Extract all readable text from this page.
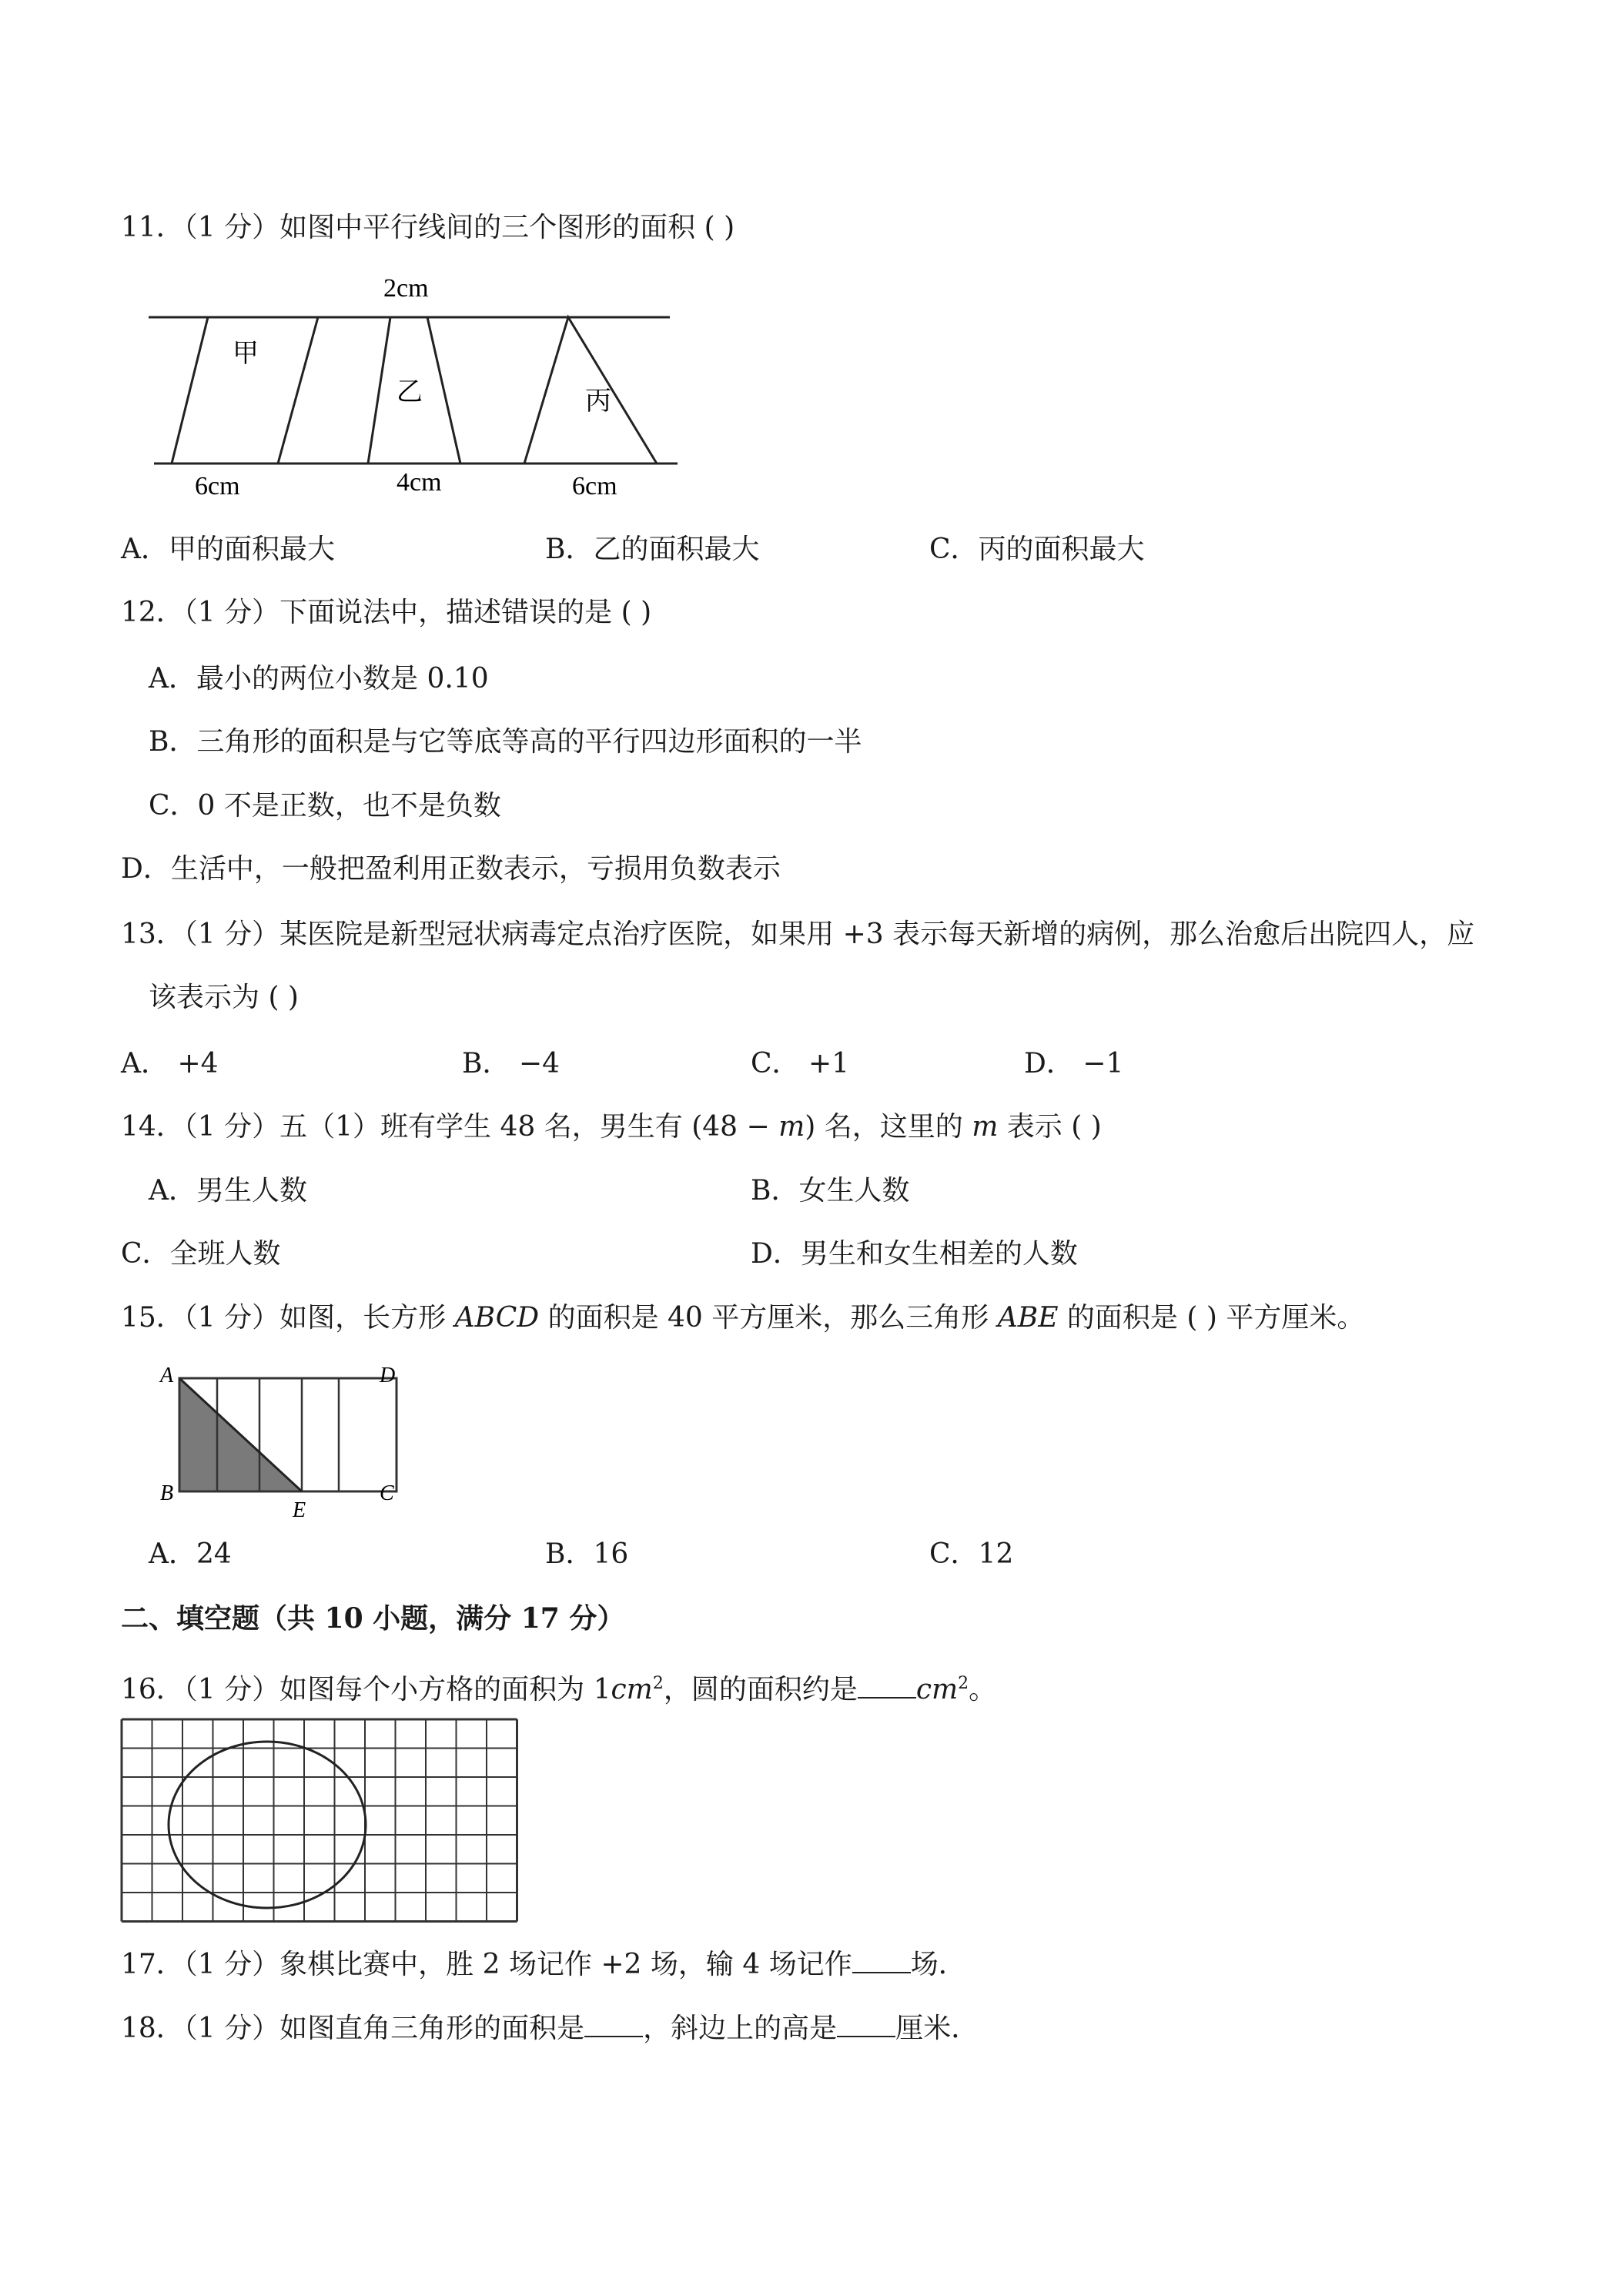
11．（1 分）如图中平行线间的三个图形的面积 ( )
2cm
甲
乙	丙
6cm	4cm	6cm
A．甲的面积最大	B．乙的面积最大	C．丙的面积最大
12．（1 分）下面说法中，描述错误的是 ( )
A．最小的两位小数是 0.10
B．三角形的面积是与它等底等高的平行四边形面积的一半
C．0 不是正数，也不是负数
D．生活中，一般把盈利用正数表示，亏损用负数表示
13．（1 分）某医院是新型冠状病毒定点治疗医院，如果用 +3 表示每天新增的病例，那么治愈后出院四人，应
该表示为 ( )
A． +4	B． −4	C． +1	D． −1
14．（1 分）五（1）班有学生 48 名，男生有 (48 − m) 名，这里的 m 表示 ( )
A．男生人数	B．女生人数
C．全班人数	D．男生和女生相差的人数
15．（1 分）如图，长方形 ABCD 的面积是 40 平方厘米，那么三角形 ABE 的面积是 ( ) 平方厘米。
A	D
B
E
C
A．24	B．16	C．12
二、填空题（共 10 小题，满分 17 分）
16．（1 分）如图每个小方格的面积为 $1cm^2$，圆的面积约是 $cm^2$。
17．（1 分）象棋比赛中，胜 2 场记作 +2 场，输 4 场记作 场．
18．（1 分）如图直角三角形的面积是 ，斜边上的高是 厘米．
